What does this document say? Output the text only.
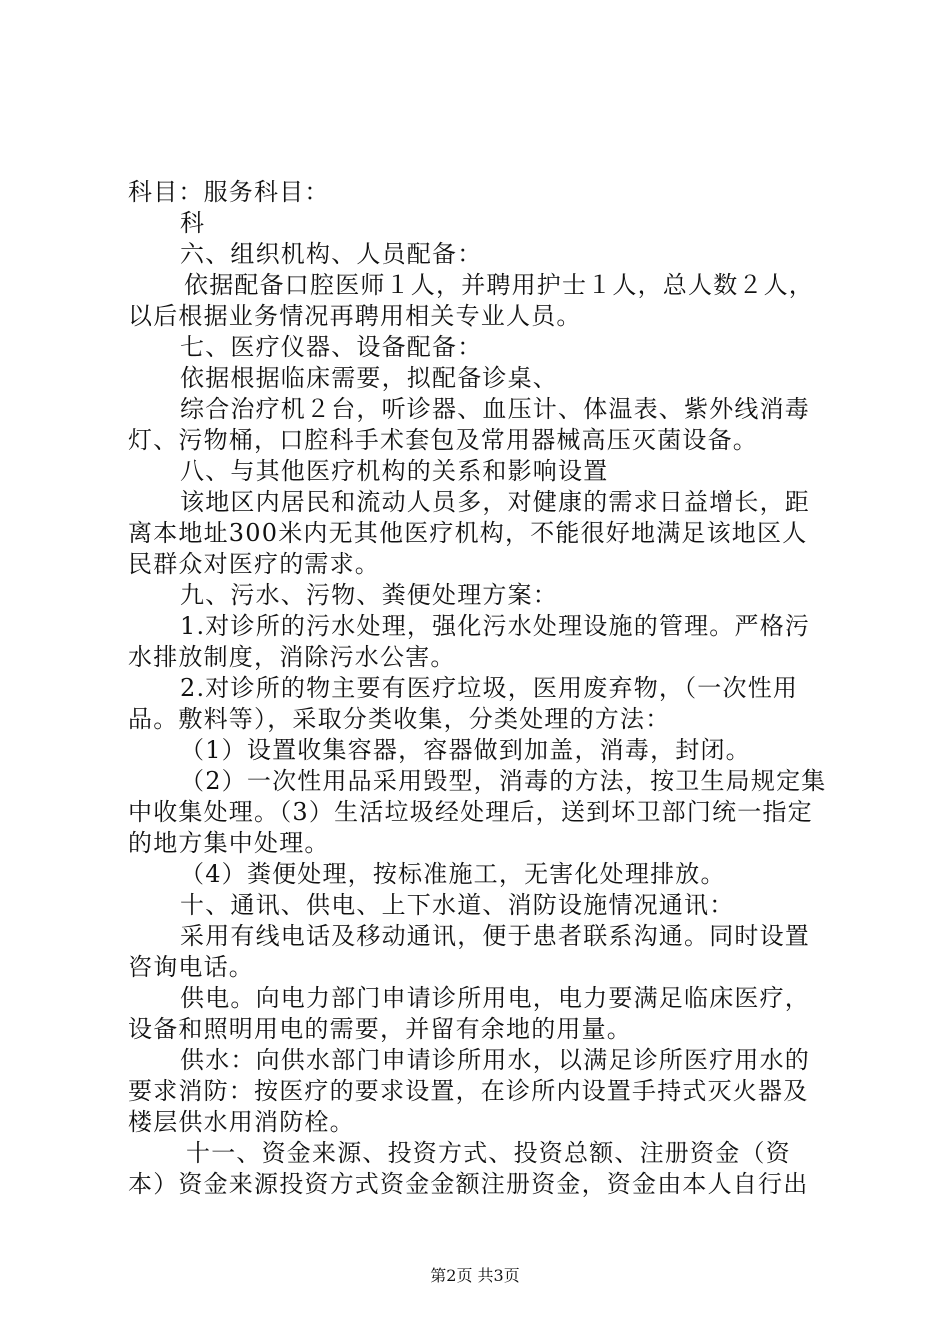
科目：服务科目：
科
六、组织机构、人员配备：
依据配备口腔医师１人，并聘用护士１人，总人数２人，
以后根据业务情况再聘用相关专业人员。
七、医疗仪器、设备配备：
依据根据临床需要，拟配备诊桌、
综合治疗机２台，听诊器、血压计、体温表、紫外线消毒
灯、污物桶，口腔科手术套包及常用器械高压灭菌设备。
八、与其他医疗机构的关系和影响设置
该地区内居民和流动人员多，对健康的需求日益增长，距
离本地址300米内无其他医疗机构，不能很好地满足该地区人
民群众对医疗的需求。
九、污水、污物、粪便处理方案：
1.对诊所的污水处理，强化污水处理设施的管理。严格污
水排放制度，消除污水公害。
2.对诊所的物主要有医疗垃圾，医用废弃物，（一次性用
品。敷料等），采取分类收集，分类处理的方法：
（1）设置收集容器，容器做到加盖，消毒，封闭。
（2）一次性用品采用毁型，消毒的方法，按卫生局规定集
中收集处理。（3）生活垃圾经处理后，送到坏卫部门统一指定
的地方集中处理。
（4）粪便处理，按标准施工，无害化处理排放。
十、通讯、供电、上下水道、消防设施情况通讯：
采用有线电话及移动通讯，便于患者联系沟通。同时设置
咨询电话。
供电。向电力部门申请诊所用电，电力要满足临床医疗，
设备和照明用电的需要，并留有余地的用量。
供水：向供水部门申请诊所用水，以满足诊所医疗用水的
要求消防：按医疗的要求设置，在诊所内设置手持式灭火器及
楼层供水用消防栓。
十一、资金来源、投资方式、投资总额、注册资金（资
本）资金来源投资方式资金金额注册资金，资金由本人自行出
第2页 共3页
